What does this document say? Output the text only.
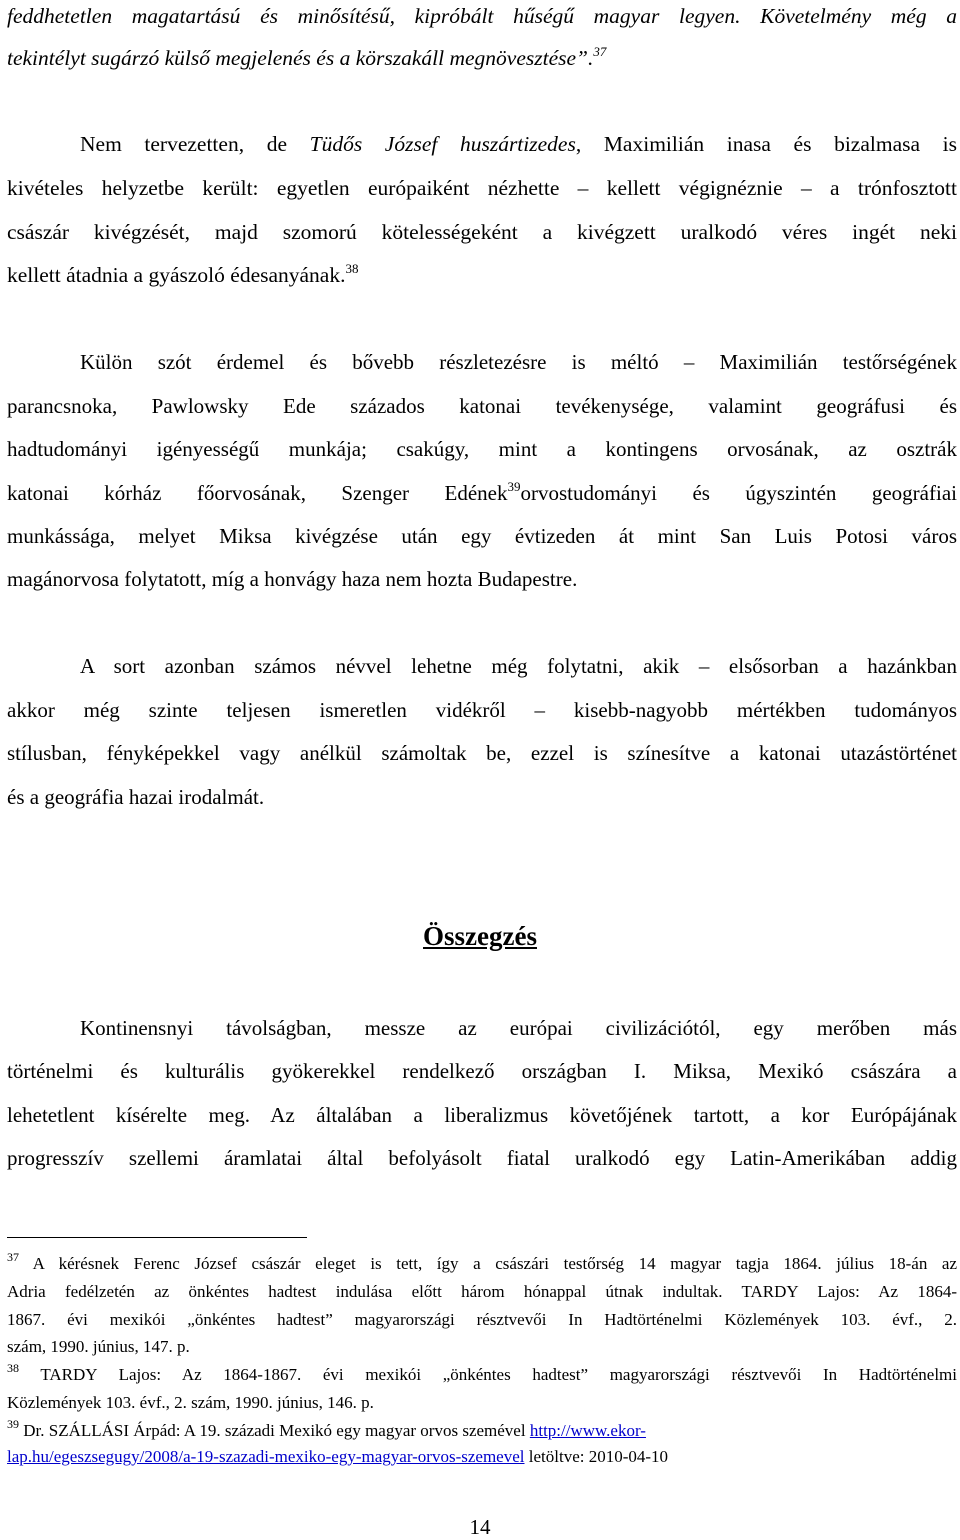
feddhetetlen magatartású és minősítésű, kipróbált hűségű magyar legyen. Követelmény még a
tekintélyt sugárzó külső megjelenés és a körszakáll megnövesztése”.$^{37}$
Nem tervezetten, de Tüdős József huszártizedes, Maximilián inasa és bizalmasa is
kivételes helyzetbe került: egyetlen európaiként nézhette – kellett végignéznie – a trónfosztott
császár kivégzését, majd szomorú kötelességeként a kivégzett uralkodó véres ingét neki
kellett átadnia a gyászoló édesanyának.$^{38}$
Külön szót érdemel és bővebb részletezésre is méltó – Maximilián testőrségének
parancsnoka, Pawlowsky Ede százados katonai tevékenysége, valamint geográfusi és
hadtudományi igényességű munkája; csakúgy, mint a kontingens orvosának, az osztrák
katonai kórház főorvosának, Szenger Edének$^{39}$orvostudományi és úgyszintén geográfiai
munkássága, melyet Miksa kivégzése után egy évtizeden át mint San Luis Potosi város
magánorvosa folytatott, míg a honvágy haza nem hozta Budapestre.
A sort azonban számos névvel lehetne még folytatni, akik – elsősorban a hazánkban
akkor még szinte teljesen ismeretlen vidékről – kisebb-nagyobb mértékben tudományos
stílusban, fényképekkel vagy anélkül számoltak be, ezzel is színesítve a katonai utazástörténet
és a geográfia hazai irodalmát.
Összegzés
Kontinensnyi távolságban, messze az európai civilizációtól, egy merőben más
történelmi és kulturális gyökerekkel rendelkező országban I. Miksa, Mexikó császára a
lehetetlent kísérelte meg. Az általában a liberalizmus követőjének tartott, a kor Európájának
progresszív szellemi áramlatai által befolyásolt fiatal uralkodó egy Latin-Amerikában addig
$^{37}$ A kérésnek Ferenc József császár eleget is tett, így a császári testőrség 14 magyar tagja 1864. július 18-án az
Adria fedélzetén az önkéntes hadtest indulása előtt három hónappal útnak indultak. TARDY Lajos: Az 1864-
1867. évi mexikói „önkéntes hadtest” magyarországi résztvevői In Hadtörténelmi Közlemények 103. évf., 2.
szám, 1990. június, 147. p.
$^{38}$ TARDY Lajos: Az 1864-1867. évi mexikói „önkéntes hadtest” magyarországi résztvevői In Hadtörténelmi
Közlemények 103. évf., 2. szám, 1990. június, 146. p.
$^{39}$ Dr. SZÁLLÁSI Árpád: A 19. századi Mexikó egy magyar orvos szemével http://www.ekor-
lap.hu/egeszsegugy/2008/a-19-szazadi-mexiko-egy-magyar-orvos-szemevel letöltve: 2010-04-10
14
